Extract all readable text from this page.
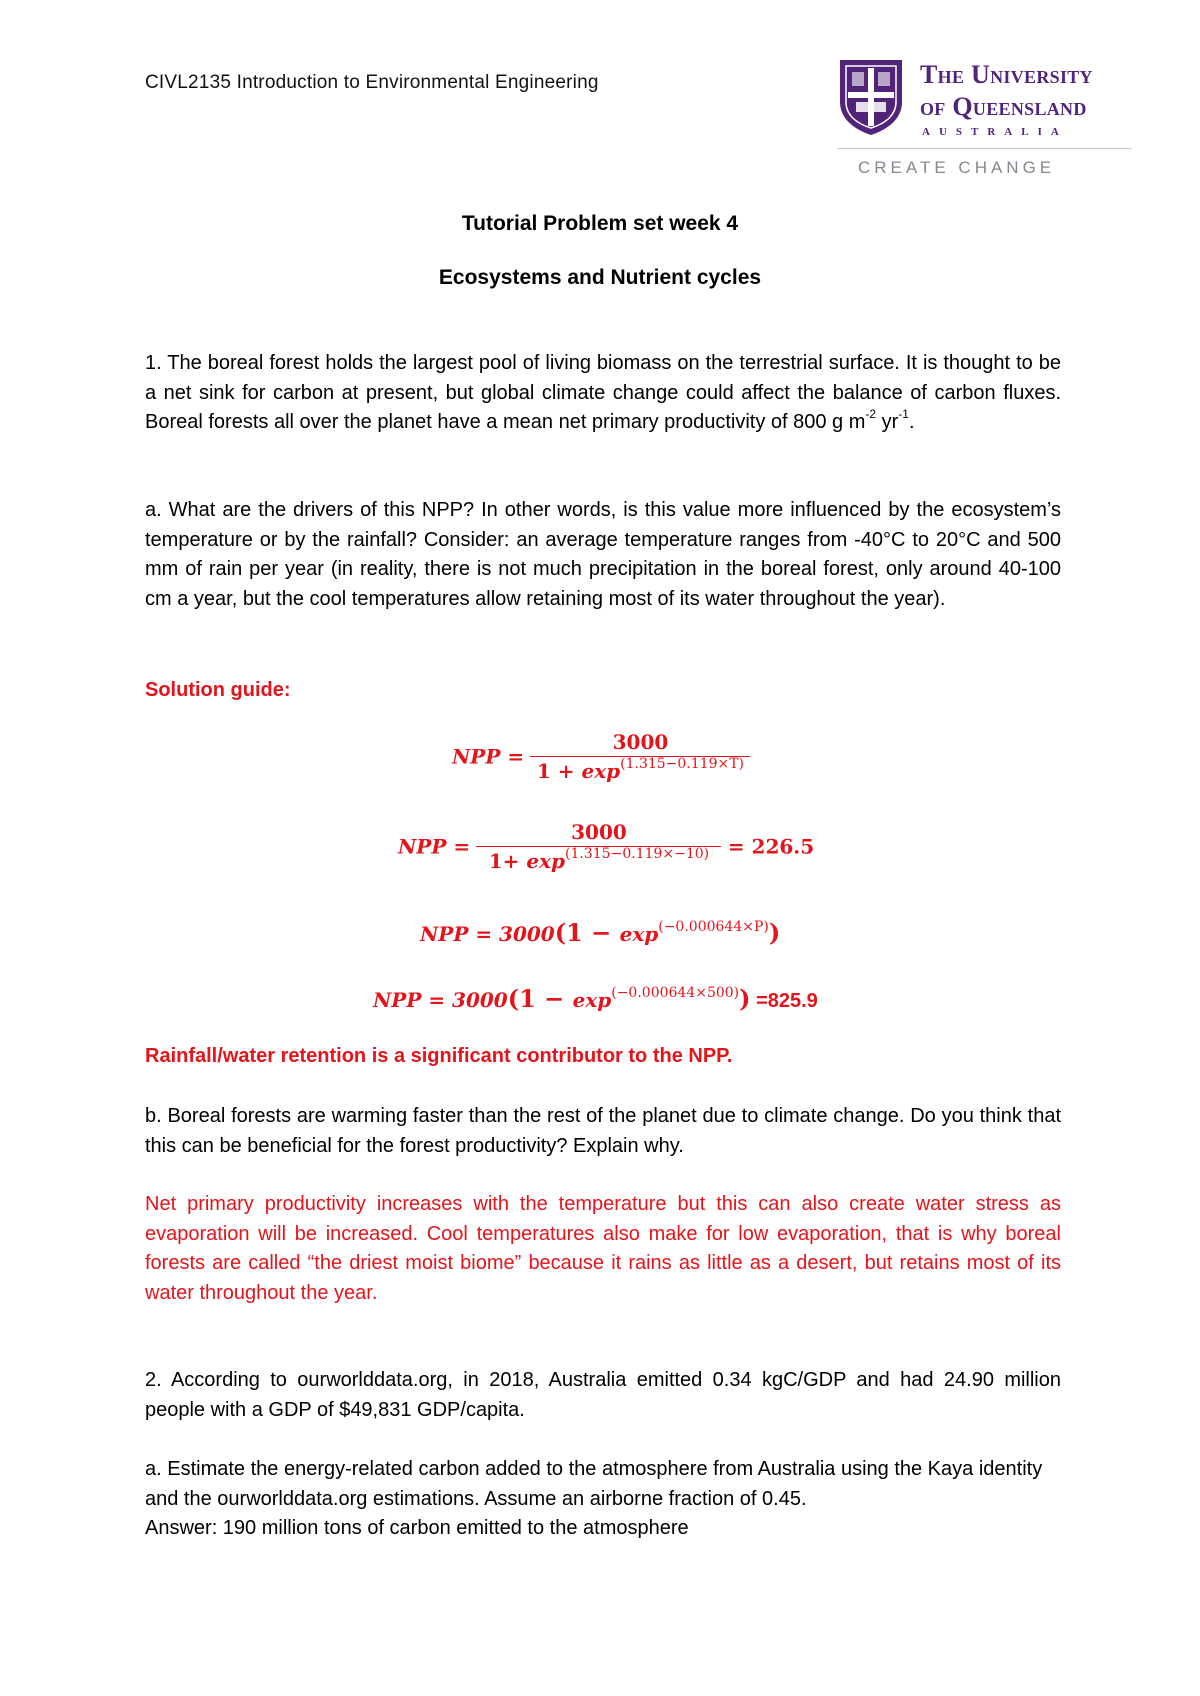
CIVL2135 Introduction to Environmental Engineering	The University
of Queensland
AUSTRALIA
CREATE CHANGE
Tutorial Problem set week 4
Ecosystems and Nutrient cycles
1. The boreal forest holds the largest pool of living biomass on the terrestrial surface. It is thought to be a net sink for carbon at present, but global climate change could affect the balance of carbon fluxes. Boreal forests all over the planet have a mean net primary productivity of 800 g $m^{-2}$ $yr^{-1}$.
a. What are the drivers of this NPP? In other words, is this value more influenced by the ecosystem’s temperature or by the rainfall? Consider: an average temperature ranges from -40°C to 20°C and 500 mm of rain per year (in reality, there is not much precipitation in the boreal forest, only around 40-100 cm a year, but the cool temperatures allow retaining most of its water throughout the year).
Solution guide:
NPP = $\frac{3000}{1 + \exp^{(1.315-0.119\times T)}}$
NPP = $\frac{3000}{1+ \exp^{(1.315-0.119\times-10)}} = 226.5$
NPP = $3000(1 - \exp^{(-0.000644\times P)})$
NPP = $3000(1 - \exp^{(-0.000644\times 500)}) =825.9$
Rainfall/water retention is a significant contributor to the NPP.
b. Boreal forests are warming faster than the rest of the planet due to climate change. Do you think that this can be beneficial for the forest productivity? Explain why.
Net primary productivity increases with the temperature but this can also create water stress as evaporation will be increased. Cool temperatures also make for low evaporation, that is why boreal forests are called “the driest moist biome” because it rains as little as a desert, but retains most of its water throughout the year.
2. According to ourworlddata.org, in 2018, Australia emitted 0.34 kgC/GDP and had 24.90 million people with a GDP of $49,831 GDP/capita.
a. Estimate the energy-related carbon added to the atmosphere from Australia using the Kaya identity and the ourworlddata.org estimations. Assume an airborne fraction of 0.45.
Answer: 190 million tons of carbon emitted to the atmosphere
